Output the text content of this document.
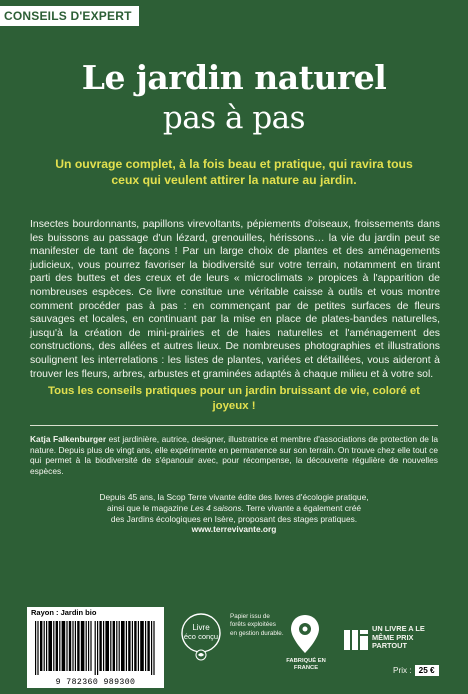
CONSEILS D'EXPERT
Le jardin naturel
pas à pas
Un ouvrage complet, à la fois beau et pratique, qui ravira tous ceux qui veulent attirer la nature au jardin.

Insectes bourdonnants, papillons virevoltants, pépiements d'oiseaux, froissements dans les buissons au passage d'un lézard, grenouilles, hérissons… la vie du jardin peut se manifester de tant de façons ! Par un large choix de plantes et des aménagements judicieux, vous pourrez favoriser la biodiversité sur votre terrain, notamment en tirant parti des buttes et des creux et de leurs « microclimats » propices à l'apparition de nombreuses espèces. Ce livre constitue une véritable caisse à outils et vous montre comment procéder pas à pas : en commençant par de petites surfaces de fleurs sauvages et locales, en continuant par la mise en place de plates-bandes naturelles, jusqu'à la création de mini-prairies et de haies naturelles et l'aménagement des constructions, des allées et autres lieux. De nombreuses photographies et illustrations soulignent les interrelations : les listes de plantes, variées et détaillées, vous aideront à trouver les fleurs, arbres, arbustes et graminées adaptés à chaque milieu et à votre sol.

Tous les conseils pratiques pour un jardin bruissant de vie, coloré et joyeux !
Katja Falkenburger est jardinière, autrice, designer, illustratrice et membre d'associations de protection de la nature. Depuis plus de vingt ans, elle expérimente en permanence sur son terrain. On trouve chez elle tout ce qui permet à la biodiversité de s'épanouir avec, pour récompense, la découverte régulière de nouvelles espèces.
Depuis 45 ans, la Scop Terre vivante édite des livres d'écologie pratique,
ainsi que le magazine Les 4 saisons. Terre vivante a également créé
des Jardins écologiques en Isère, proposant des stages pratiques.
www.terrevivante.org
Rayon : Jardin bio
9 782360 989300
Livre
éco conçu
Papier issu de forêts exploitées en gestion durable.
FABRIQUÉ EN FRANCE
UN LIVRE A LE MÊME PRIX PARTOUT
Prix : 25 €
